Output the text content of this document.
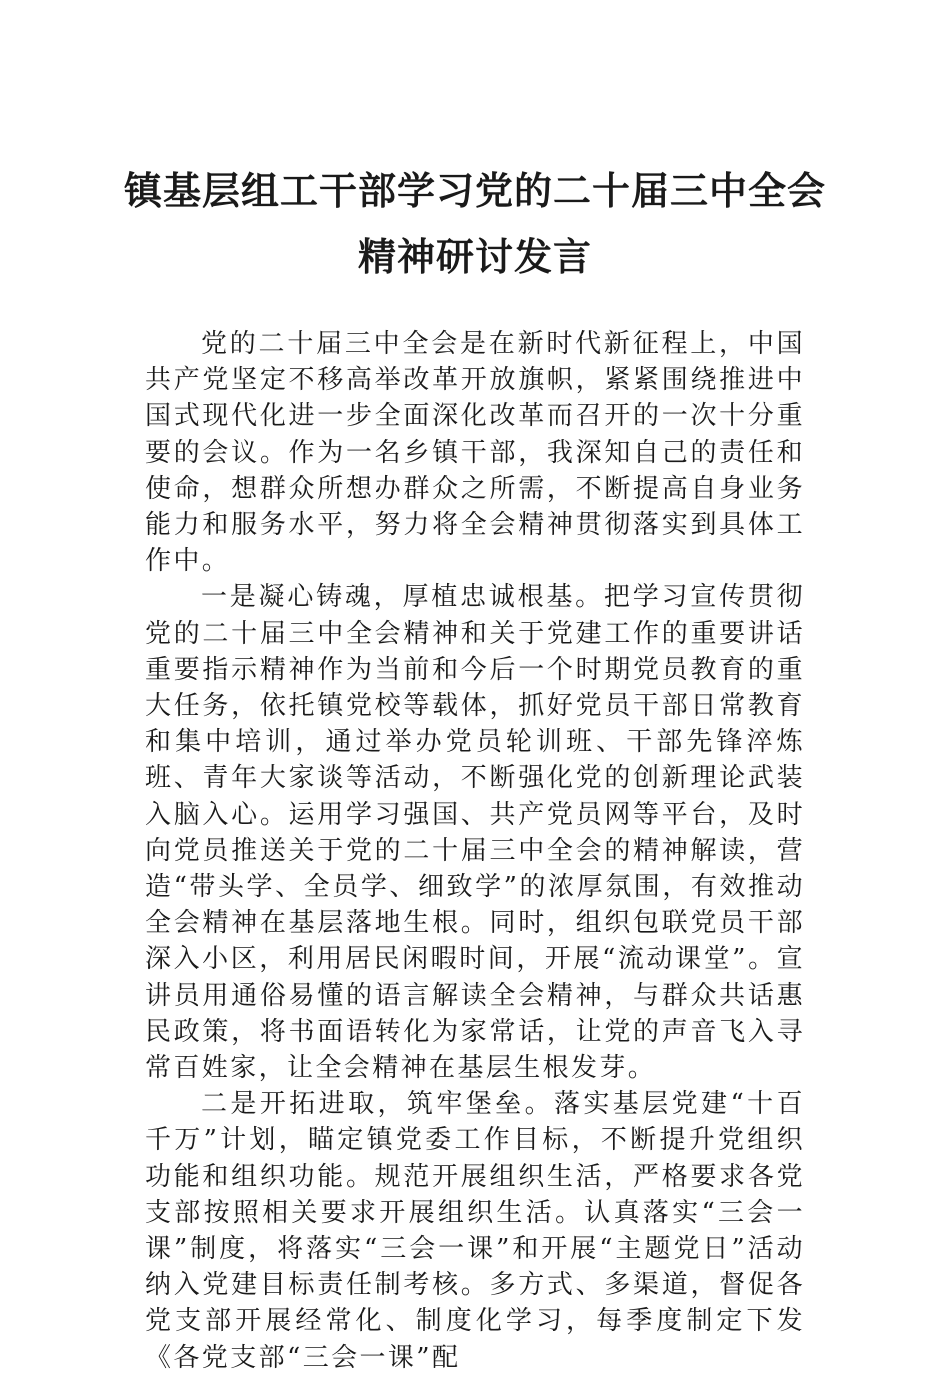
镇基层组工干部学习党的二十届三中全会
精神研讨发言

党的二十届三中全会是在新时代新征程上，中国共产党坚定不移高举改革开放旗帜，紧紧围绕推进中国式现代化进一步全面深化改革而召开的一次十分重要的会议。作为一名乡镇干部，我深知自己的责任和使命，想群众所想办群众之所需，不断提高自身业务能力和服务水平，努力将全会精神贯彻落实到具体工作中。

一是凝心铸魂，厚植忠诚根基。把学习宣传贯彻党的二十届三中全会精神和关于党建工作的重要讲话重要指示精神作为当前和今后一个时期党员教育的重大任务，依托镇党校等载体，抓好党员干部日常教育和集中培训，通过举办党员轮训班、干部先锋淬炼班、青年大家谈等活动，不断强化党的创新理论武装入脑入心。运用学习强国、共产党员网等平台，及时向党员推送关于党的二十届三中全会的精神解读，营造“带头学、全员学、细致学”的浓厚氛围，有效推动全会精神在基层落地生根。同时，组织包联党员干部深入小区，利用居民闲暇时间，开展“流动课堂”。宣讲员用通俗易懂的语言解读全会精神，与群众共话惠民政策，将书面语转化为家常话，让党的声音飞入寻常百姓家，让全会精神在基层生根发芽。

二是开拓进取，筑牢堡垒。落实基层党建“十百千万”计划，瞄定镇党委工作目标，不断提升党组织功能和组织功能。规范开展组织生活，严格要求各党支部按照相关要求开展组织生活。认真落实“三会一课”制度，将落实“三会一课”和开展“主题党日”活动纳入党建目标责任制考核。多方式、多渠道，督促各党支部开展经常化、制度化学习，每季度制定下发《各党支部“三会一课”配
